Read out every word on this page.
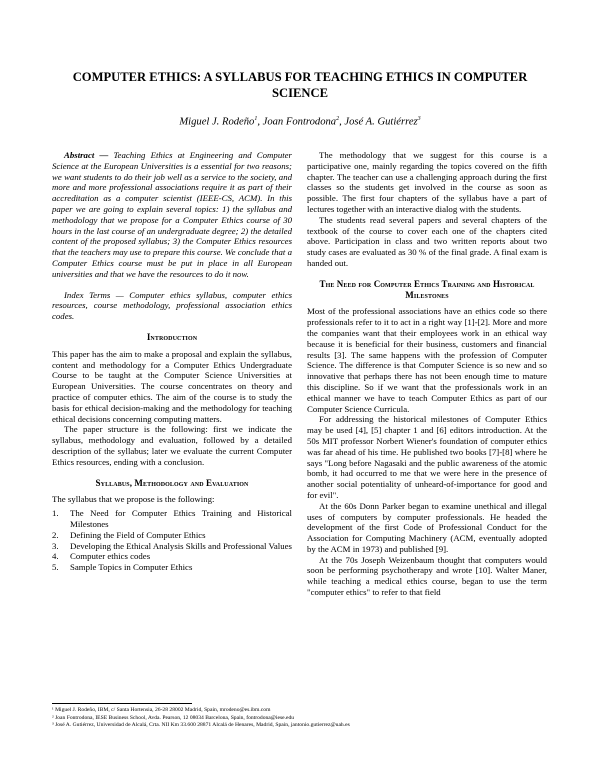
COMPUTER ETHICS: A SYLLABUS FOR TEACHING ETHICS IN COMPUTER SCIENCE
Miguel J. Rodeño$^1$, Joan Fontrodona$^2$, José A. Gutiérrez$^3$

Abstract — Teaching Ethics at Engineering and Computer Science at the European Universities is a essential for two reasons; we want students to do their job well as a service to the society, and more and more professional associations require it as part of their accreditation as a computer scientist (IEEE-CS, ACM). In this paper we are going to explain several topics: 1) the syllabus and methodology that we propose for a Computer Ethics course of 30 hours in the last course of an undergraduate degree; 2) the detailed content of the proposed syllabus; 3) the Computer Ethics resources that the teachers may use to prepare this course. We conclude that a Computer Ethics course must be put in place in all European universities and that we have the resources to do it now.

Index Terms — Computer ethics syllabus, computer ethics resources, course methodology, professional association ethics codes.

Introduction

This paper has the aim to make a proposal and explain the syllabus, content and methodology for a Computer Ethics Undergraduate Course to be taught at the Computer Science Universities at European Universities. The course concentrates on theory and practice of computer ethics. The aim of the course is to study the basis for ethical decision-making and the methodology for teaching ethical decisions concerning computing matters.

The paper structure is the following: first we indicate the syllabus, methodology and evaluation, followed by a detailed description of the syllabus; later we evaluate the current Computer Ethics resources, ending with a conclusion.

Syllabus, Methodology and Evaluation

The syllabus that we propose is the following:

1.	The Need for Computer Ethics Training and Historical Milestones
2.	Defining the Field of Computer Ethics
3.	Developing the Ethical Analysis Skills and Professional Values
4.	Computer ethics codes
5.	Sample Topics in Computer Ethics

The methodology that we suggest for this course is a participative one, mainly regarding the topics covered on the fifth chapter. The teacher can use a challenging approach during the first classes so the students get involved in the course as soon as possible. The first four chapters of the syllabus have a part of lectures together with an interactive dialog with the students.

The students read several papers and several chapters of the textbook of the course to cover each one of the chapters cited above. Participation in class and two written reports about two study cases are evaluated as 30 % of the final grade. A final exam is handed out.

The Need for Computer Ethics Training and Historical Milestones

Most of the professional associations have an ethics code so there professionals refer to it to act in a right way [1]-[2]. More and more the companies want that their employees work in an ethical way because it is beneficial for their business, customers and financial results [3]. The same happens with the profession of Computer Science. The difference is that Computer Science is so new and so innovative that perhaps there has not been enough time to mature this discipline. So if we want that the professionals work in an ethical manner we have to teach Computer Ethics as part of our Computer Science Curricula.

For addressing the historical milestones of Computer Ethics may be used [4], [5] chapter 1 and [6] editors introduction. At the 50s MIT professor Norbert Wiener's foundation of computer ethics was far ahead of his time. He published two books [7]-[8] where he says "Long before Nagasaki and the public awareness of the atomic bomb, it had occurred to me that we were here in the presence of another social potentiality of unheard-of-importance for good and for evil".

At the 60s Donn Parker began to examine unethical and illegal uses of computers by computer professionals. He headed the development of the first Code of Professional Conduct for the Association for Computing Machinery (ACM, eventually adopted by the ACM in 1973) and published [9].

At the 70s Joseph Weizenbaum thought that computers would soon be performing psychotherapy and wrote [10]. Walter Maner, while teaching a medical ethics course, began to use the term "computer ethics" to refer to that field

¹ Miguel J. Rodeño, IBM, c/ Santa Hortensia, 26-28 28002 Madrid, Spain, mrodeno@es.ibm.com
² Joan Fontrodona, IESE Business School, Avda. Pearson, 12 08034 Barcelona, Spain, fontrodona@iese.edu
³ José A. Gutiérrez, Universidad de Alcalá, Crta. NII Km 33.600 28871 Alcalá de Henares, Madrid, Spain, jantonio.gutierrez@uah.es
